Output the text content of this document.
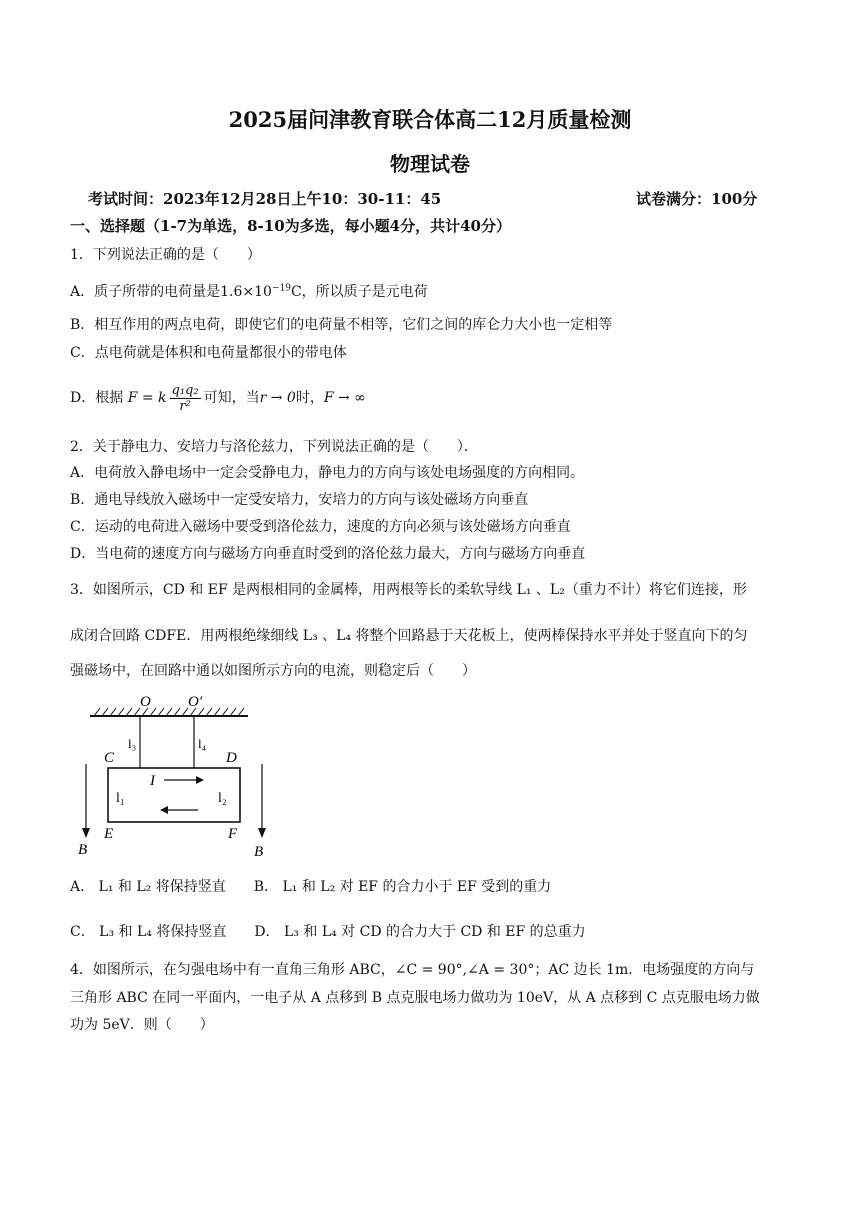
2025届问津教育联合体高二12月质量检测
物理试卷
考试时间：2023年12月28日上午10：30-11：45	试卷满分：100分
一、选择题（1-7为单选，8-10为多选，每小题4分，共计40分）
1．下列说法正确的是（　　）
A．质子所带的电荷量是$1.6\times 10^{-19}C$，所以质子是元电荷
B．相互作用的两点电荷，即使它们的电荷量不相等，它们之间的库仑力大小也一定相等
C．点电荷就是体积和电荷量都很小的带电体
D．根据 F = k $\frac{\text{q₁q₂}}{\text{r²}}$ 可知，当r → 0时，F → ∞
2．关于静电力、安培力与洛伦兹力，下列说法正确的是（　　）．
A．电荷放入静电场中一定会受静电力，静电力的方向与该处电场强度的方向相同。
B．通电导线放入磁场中一定受安培力，安培力的方向与该处磁场方向垂直
C．运动的电荷进入磁场中要受到洛伦兹力，速度的方向必须与该处磁场方向垂直
D．当电荷的速度方向与磁场方向垂直时受到的洛伦兹力最大，方向与磁场方向垂直
3．如图所示，CD 和 EF 是两根相同的金属棒，用两根等长的柔软导线 L₁ 、L₂（重力不计）将它们连接，形
成闭合回路 CDFE．用两根绝缘细线 L₃ 、L₄ 将整个回路悬于天花板上，使两棒保持水平并处于竖直向下的匀
强磁场中，在回路中通以如图所示方向的电流，则稳定后（　　）
O O′
l₃	l₄
C	D
E	F
I
l₁	l₂
B	B
A． L₁ 和 L₂ 将保持竖直　　B． L₁ 和 L₂ 对 EF 的合力小于 EF 受到的重力
C． L₃ 和 L₄ 将保持竖直　　D． L₃ 和 L₄ 对 CD 的合力大于 CD 和 EF 的总重力
4．如图所示，在匀强电场中有一直角三角形 ABC，∠C = 90°,∠A = 30°；AC 边长 1m．电场强度的方向与
三角形 ABC 在同一平面内，一电子从 A 点移到 B 点克服电场力做功为 10eV，从 A 点移到 C 点克服电场力做
功为 5eV．则（　　）
